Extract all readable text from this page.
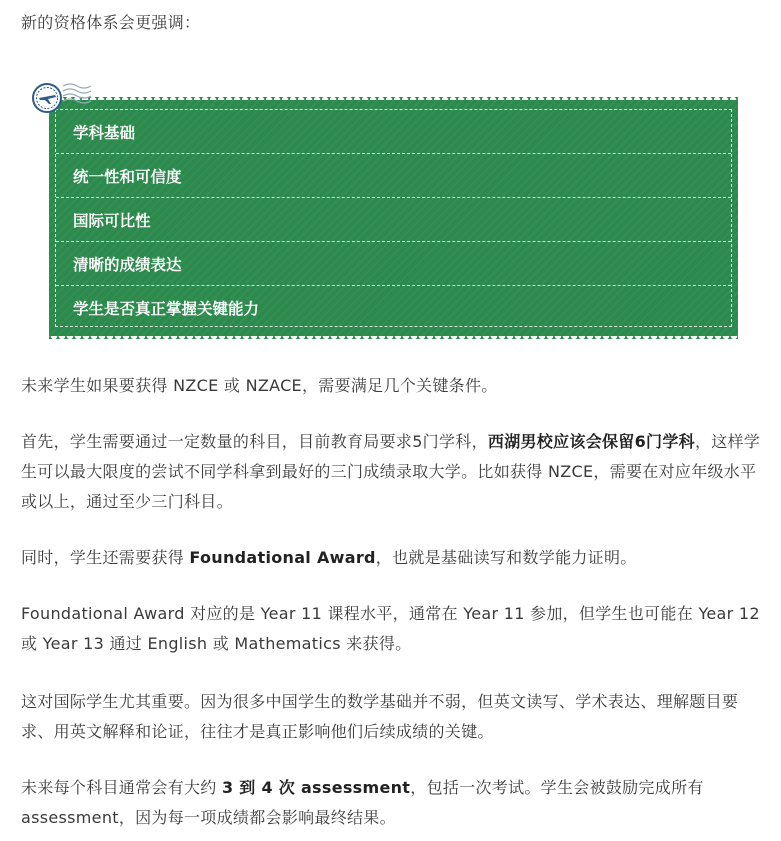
新的资格体系会更强调：
学科基础
统一性和可信度
国际可比性
清晰的成绩表达
学生是否真正掌握关键能力
未来学生如果要获得 NZCE 或 NZACE，需要满足几个关键条件。
首先，学生需要通过一定数量的科目，目前教育局要求5门学科，西湖男校应该会保留6门学科，这样学生可以最大限度的尝试不同学科拿到最好的三门成绩录取大学。比如获得 NZCE，需要在对应年级水平或以上，通过至少三门科目。
同时，学生还需要获得 Foundational Award，也就是基础读写和数学能力证明。
Foundational Award 对应的是 Year 11 课程水平，通常在 Year 11 参加，但学生也可能在 Year 12 或 Year 13 通过 English 或 Mathematics 来获得。
这对国际学生尤其重要。因为很多中国学生的数学基础并不弱，但英文读写、学术表达、理解题目要求、用英文解释和论证，往往才是真正影响他们后续成绩的关键。
未来每个科目通常会有大约 3 到 4 次 assessment，包括一次考试。学生会被鼓励完成所有 assessment，因为每一项成绩都会影响最终结果。
